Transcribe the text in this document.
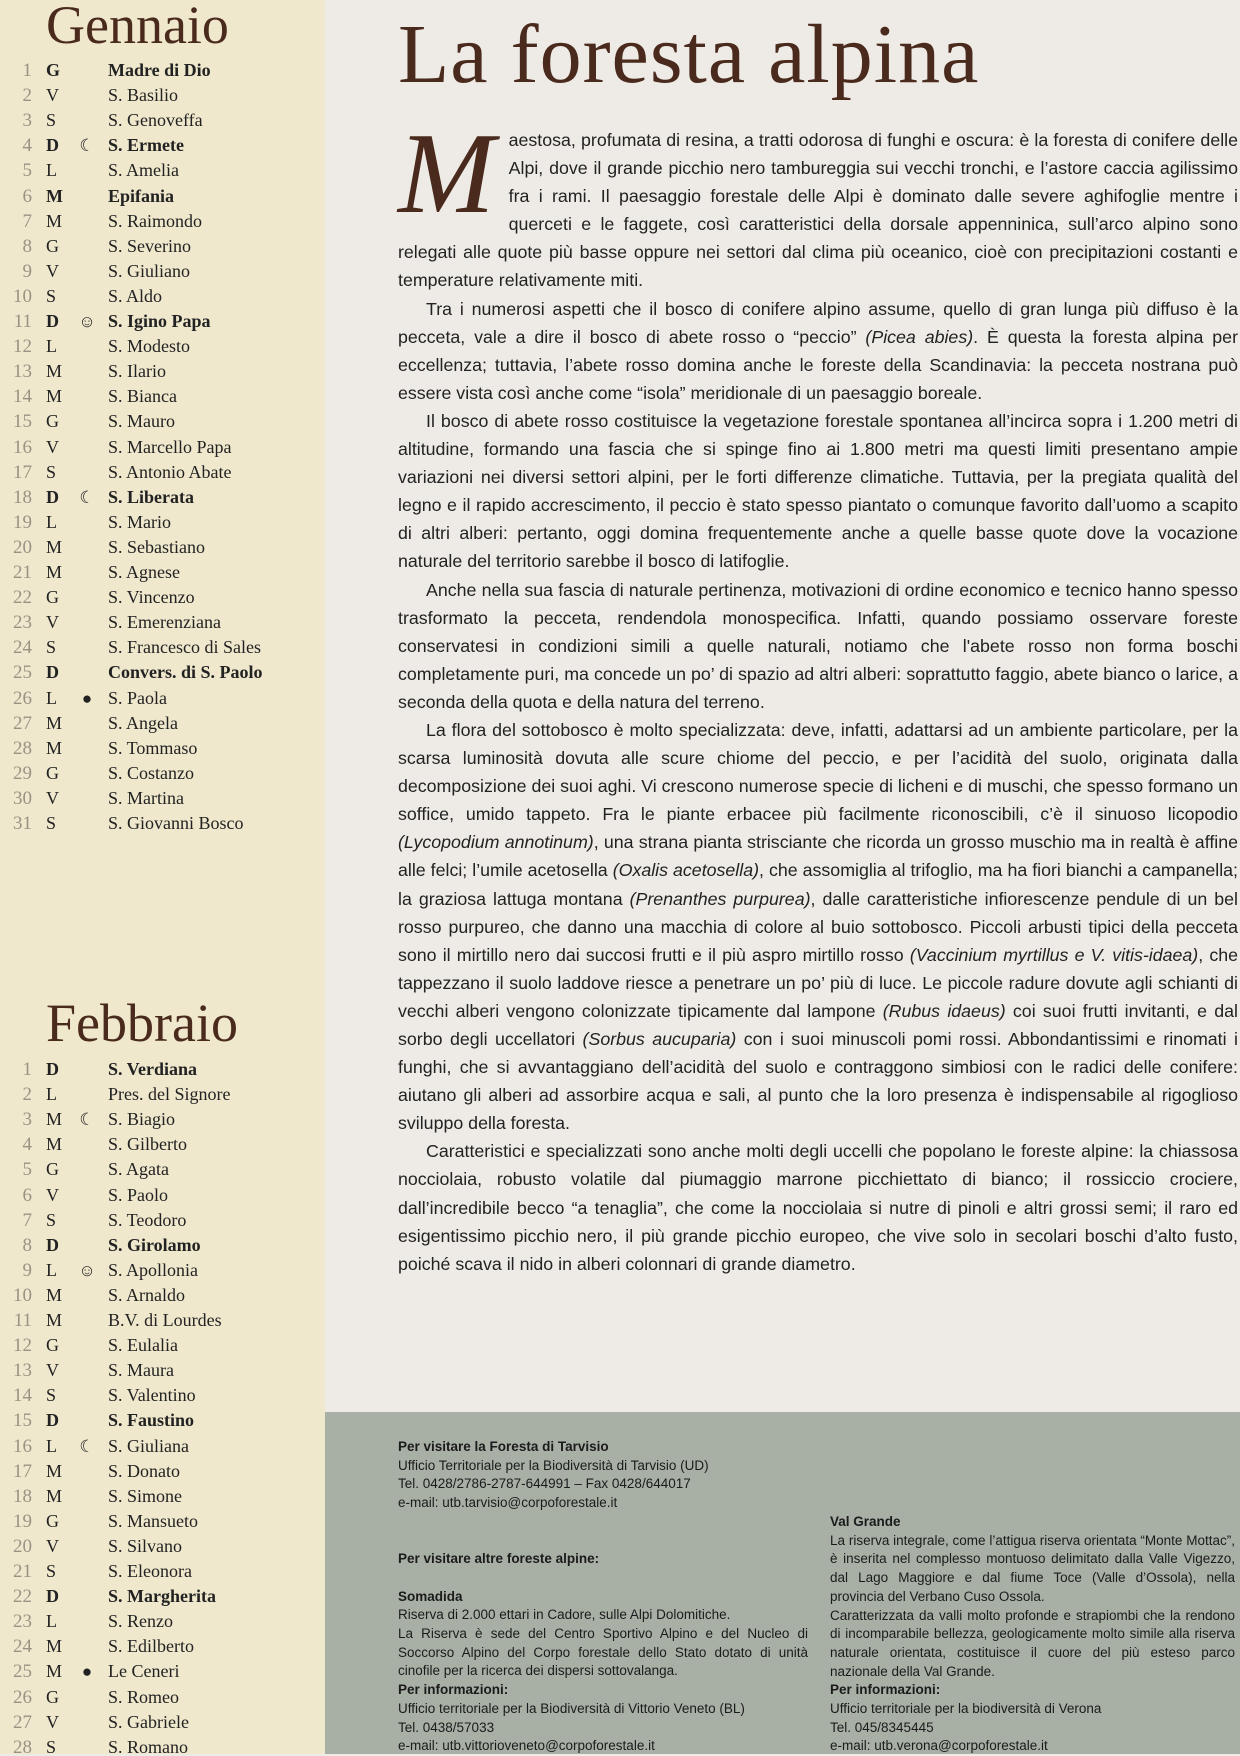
Gennaio
1 G	Madre di Dio
2 V	S. Basilio
3 S	S. Genoveffa
4 D	☾ S. Ermete
5 L	S. Amelia
6 M	Epifania
7 M	S. Raimondo
8 G	S. Severino
9 V	S. Giuliano
10 S	S. Aldo
11 D	☺ S. Igino Papa
12 L	S. Modesto
13 M	S. Ilario
14 M	S. Bianca
15 G	S. Mauro
16 V	S. Marcello Papa
17 S	S. Antonio Abate
18 D	☾ S. Liberata
19 L	S. Mario
20 M	S. Sebastiano
21 M	S. Agnese
22 G	S. Vincenzo
23 V	S. Emerenziana
24 S	S. Francesco di Sales
25 D	Convers. di S. Paolo
26 L	● S. Paola
27 M	S. Angela
28 M	S. Tommaso
29 G	S. Costanzo
30 V	S. Martina
31 S	S. Giovanni Bosco
Febbraio
1 D	S. Verdiana
2 L	Pres. del Signore
3 M	☾ S. Biagio
4 M	S. Gilberto
5 G	S. Agata
6 V	S. Paolo
7 S	S. Teodoro
8 D	S. Girolamo
9 L	☺ S. Apollonia
10 M	S. Arnaldo
11 M	B.V. di Lourdes
12 G	S. Eulalia
13 V	S. Maura
14 S	S. Valentino
15 D	S. Faustino
16 L	☾ S. Giuliana
17 M	S. Donato
18 M	S. Simone
19 G	S. Mansueto
20 V	S. Silvano
21 S	S. Eleonora
22 D	S. Margherita
23 L	S. Renzo
24 M	S. Edilberto
25 M	● Le Ceneri
26 G	S. Romeo
27 V	S. Gabriele
28 S	S. Romano
La foresta alpina

Maestosa, profumata di resina, a tratti odorosa di funghi e oscura: è la foresta di conifere delle Alpi, dove il grande picchio nero tambureggia sui vecchi tronchi, e l’astore caccia agilissimo fra i rami. Il paesaggio forestale delle Alpi è dominato dalle severe aghifoglie mentre i querceti e le faggete, così caratteristici della dorsale appenninica, sull’arco alpino sono relegati alle quote più basse oppure nei settori dal clima più oceanico, cioè con precipitazioni costanti e temperature relativamente miti.

Tra i numerosi aspetti che il bosco di conifere alpino assume, quello di gran lunga più diffuso è la pecceta, vale a dire il bosco di abete rosso o “peccio” (Picea abies). È questa la foresta alpina per eccellenza; tuttavia, l’abete rosso domina anche le foreste della Scandinavia: la pecceta nostrana può essere vista così anche come “isola” meridionale di un paesaggio boreale.

Il bosco di abete rosso costituisce la vegetazione forestale spontanea all’incirca sopra i 1.200 metri di altitudine, formando una fascia che si spinge fino ai 1.800 metri ma questi limiti presentano ampie variazioni nei diversi settori alpini, per le forti differenze climatiche. Tuttavia, per la pregiata qualità del legno e il rapido accrescimento, il peccio è stato spesso piantato o comunque favorito dall’uomo a scapito di altri alberi: pertanto, oggi domina frequentemente anche a quelle basse quote dove la vocazione naturale del territorio sarebbe il bosco di latifoglie.

Anche nella sua fascia di naturale pertinenza, motivazioni di ordine economico e tecnico hanno spesso trasformato la pecceta, rendendola monospecifica. Infatti, quando possiamo osservare foreste conservatesi in condizioni simili a quelle naturali, notiamo che l'abete rosso non forma boschi completamente puri, ma concede un po’ di spazio ad altri alberi: soprattutto faggio, abete bianco o larice, a seconda della quota e della natura del terreno.

La flora del sottobosco è molto specializzata: deve, infatti, adattarsi ad un ambiente particolare, per la scarsa luminosità dovuta alle scure chiome del peccio, e per l’acidità del suolo, originata dalla decomposizione dei suoi aghi. Vi crescono numerose specie di licheni e di muschi, che spesso formano un soffice, umido tappeto. Fra le piante erbacee più facilmente riconoscibili, c’è il sinuoso licopodio (Lycopodium annotinum), una strana pianta strisciante che ricorda un grosso muschio ma in realtà è affine alle felci; l’umile acetosella (Oxalis acetosella), che assomiglia al trifoglio, ma ha fiori bianchi a campanella; la graziosa lattuga montana (Prenanthes purpurea), dalle caratteristiche infiorescenze pendule di un bel rosso purpureo, che danno una macchia di colore al buio sottobosco. Piccoli arbusti tipici della pecceta sono il mirtillo nero dai succosi frutti e il più aspro mirtillo rosso (Vaccinium myrtillus e V. vitis-idaea), che tappezzano il suolo laddove riesce a penetrare un po’ più di luce. Le piccole radure dovute agli schianti di vecchi alberi vengono colonizzate tipicamente dal lampone (Rubus idaeus) coi suoi frutti invitanti, e dal sorbo degli uccellatori (Sorbus aucuparia) con i suoi minuscoli pomi rossi. Abbondantissimi e rinomati i funghi, che si avvantaggiano dell’acidità del suolo e contraggono simbiosi con le radici delle conifere: aiutano gli alberi ad assorbire acqua e sali, al punto che la loro presenza è indispensabile al rigoglioso sviluppo della foresta.

Caratteristici e specializzati sono anche molti degli uccelli che popolano le foreste alpine: la chiassosa nocciolaia, robusto volatile dal piumaggio marrone picchiettato di bianco; il rossiccio crociere, dall’incredibile becco “a tenaglia”, che come la nocciolaia si nutre di pinoli e altri grossi semi; il raro ed esigentissimo picchio nero, il più grande picchio europeo, che vive solo in secolari boschi d’alto fusto, poiché scava il nido in alberi colonnari di grande diametro.

Per visitare la Foresta di Tarvisio
Ufficio Territoriale per la Biodiversità di Tarvisio (UD)
Tel. 0428/2786-2787-644991 – Fax 0428/644017
e-mail: utb.tarvisio@corpoforestale.it
Per visitare altre foreste alpine:
Somadida
Riserva di 2.000 ettari in Cadore, sulle Alpi Dolomitiche.
La Riserva è sede del Centro Sportivo Alpino e del Nucleo di Soccorso Alpino del Corpo forestale dello Stato dotato di unità cinofile per la ricerca dei dispersi sottovalanga.
Per informazioni:
Ufficio territoriale per la Biodiversità di Vittorio Veneto (BL)
Tel. 0438/57033
e-mail: utb.vittorioveneto@corpoforestale.it
Val Grande
La riserva integrale, come l’attigua riserva orientata “Monte Mottac”, è inserita nel complesso montuoso delimitato dalla Valle Vigezzo, dal Lago Maggiore e dal fiume Toce (Valle d’Ossola), nella provincia del Verbano Cuso Ossola.
Caratterizzata da valli molto profonde e strapiombi che la rendono di incomparabile bellezza, geologicamente molto simile alla riserva naturale orientata, costituisce il cuore del più esteso parco nazionale della Val Grande.
Per informazioni:
Ufficio territoriale per la biodiversità di Verona
Tel. 045/8345445
e-mail: utb.verona@corpoforestale.it
